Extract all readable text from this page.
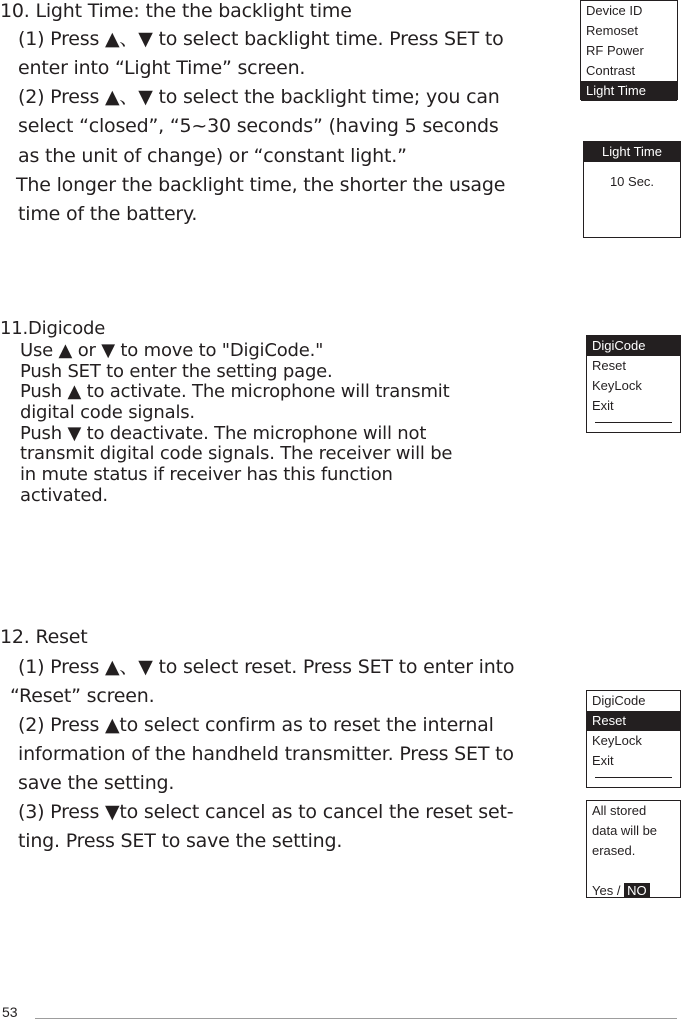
10. Light Time: the the backlight time
(1) Press ▲、▼ to select backlight time. Press SET to
enter into “Light Time” screen.
(2) Press ▲、▼ to select the backlight time; you can
select “closed”, “5~30 seconds” (having 5 seconds
as the unit of change) or “constant light.”
The longer the backlight time, the shorter the usage
time of the battery.
11.Digicode
Use ▲ or ▼ to move to "DigiCode."
Push SET to enter the setting page.
Push ▲ to activate. The microphone will transmit
digital code signals.
Push ▼ to deactivate. The microphone will not
transmit digital code signals. The receiver will be
in mute status if receiver has this function
activated.
12. Reset
(1) Press ▲、▼ to select reset. Press SET to enter into
“Reset” screen.
(2) Press ▲to select confirm as to reset the internal
information of the handheld transmitter. Press SET to
save the setting.
(3) Press ▼to select cancel as to cancel the reset set-
ting. Press SET to save the setting.
Device ID
Remoset
RF Power
Contrast
Light Time
Light Time
10 Sec.
DigiCode
Reset
KeyLock
Exit
DigiCode
Reset
KeyLock
Exit
All stored
data will be
erased.
Yes / NO
53
